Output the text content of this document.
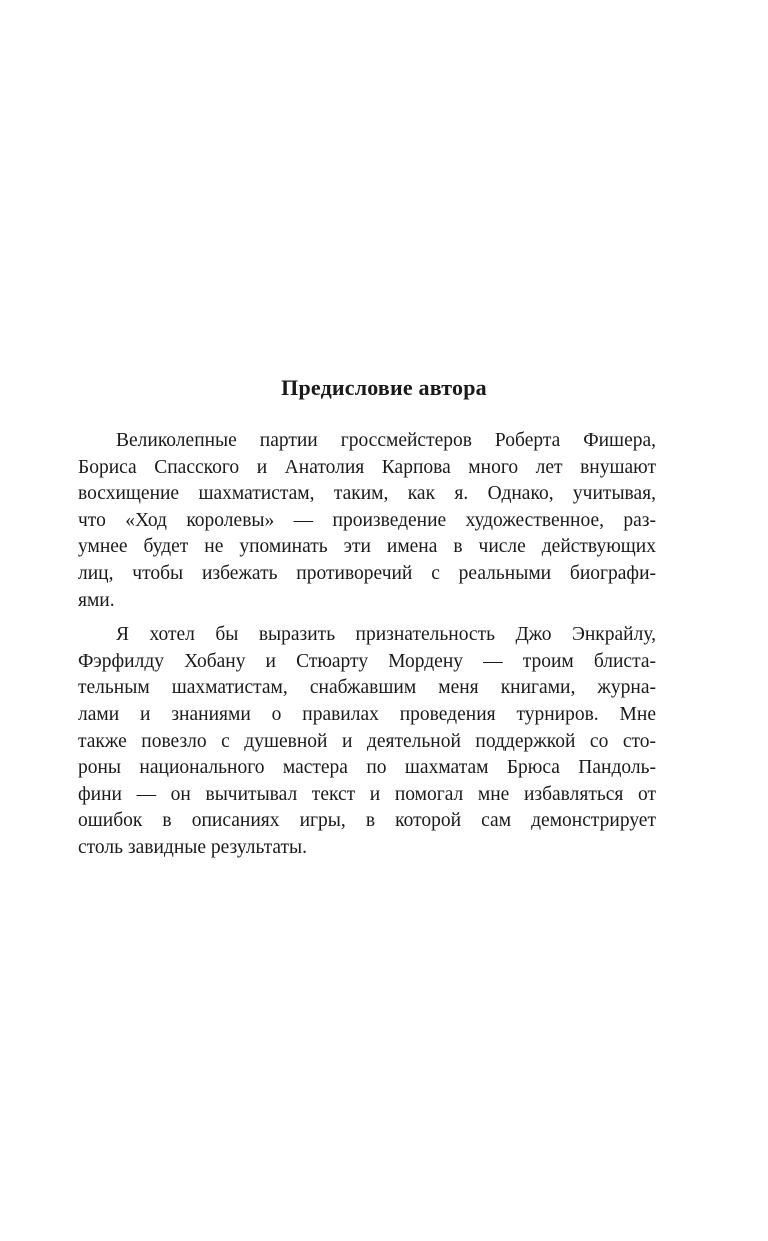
Предисловие автора

Великолепные партии гроссмейстеров Роберта Фишера,
Бориса Спасского и Анатолия Карпова много лет внушают
восхищение шахматистам, таким, как я. Однако, учитывая,
что «Ход королевы» — произведение художественное, раз-
умнее будет не упоминать эти имена в числе действующих
лиц, чтобы избежать противоречий с реальными биографи-
ями.

Я хотел бы выразить признательность Джо Энкрайлу,
Фэрфилду Хобану и Стюарту Мордену — троим блиста-
тельным шахматистам, снабжавшим меня книгами, журна-
лами и знаниями о правилах проведения турниров. Мне
также повезло с душевной и деятельной поддержкой со сто-
роны национального мастера по шахматам Брюса Пандоль-
фини — он вычитывал текст и помогал мне избавляться от
ошибок в описаниях игры, в которой сам демонстрирует
столь завидные результаты.
